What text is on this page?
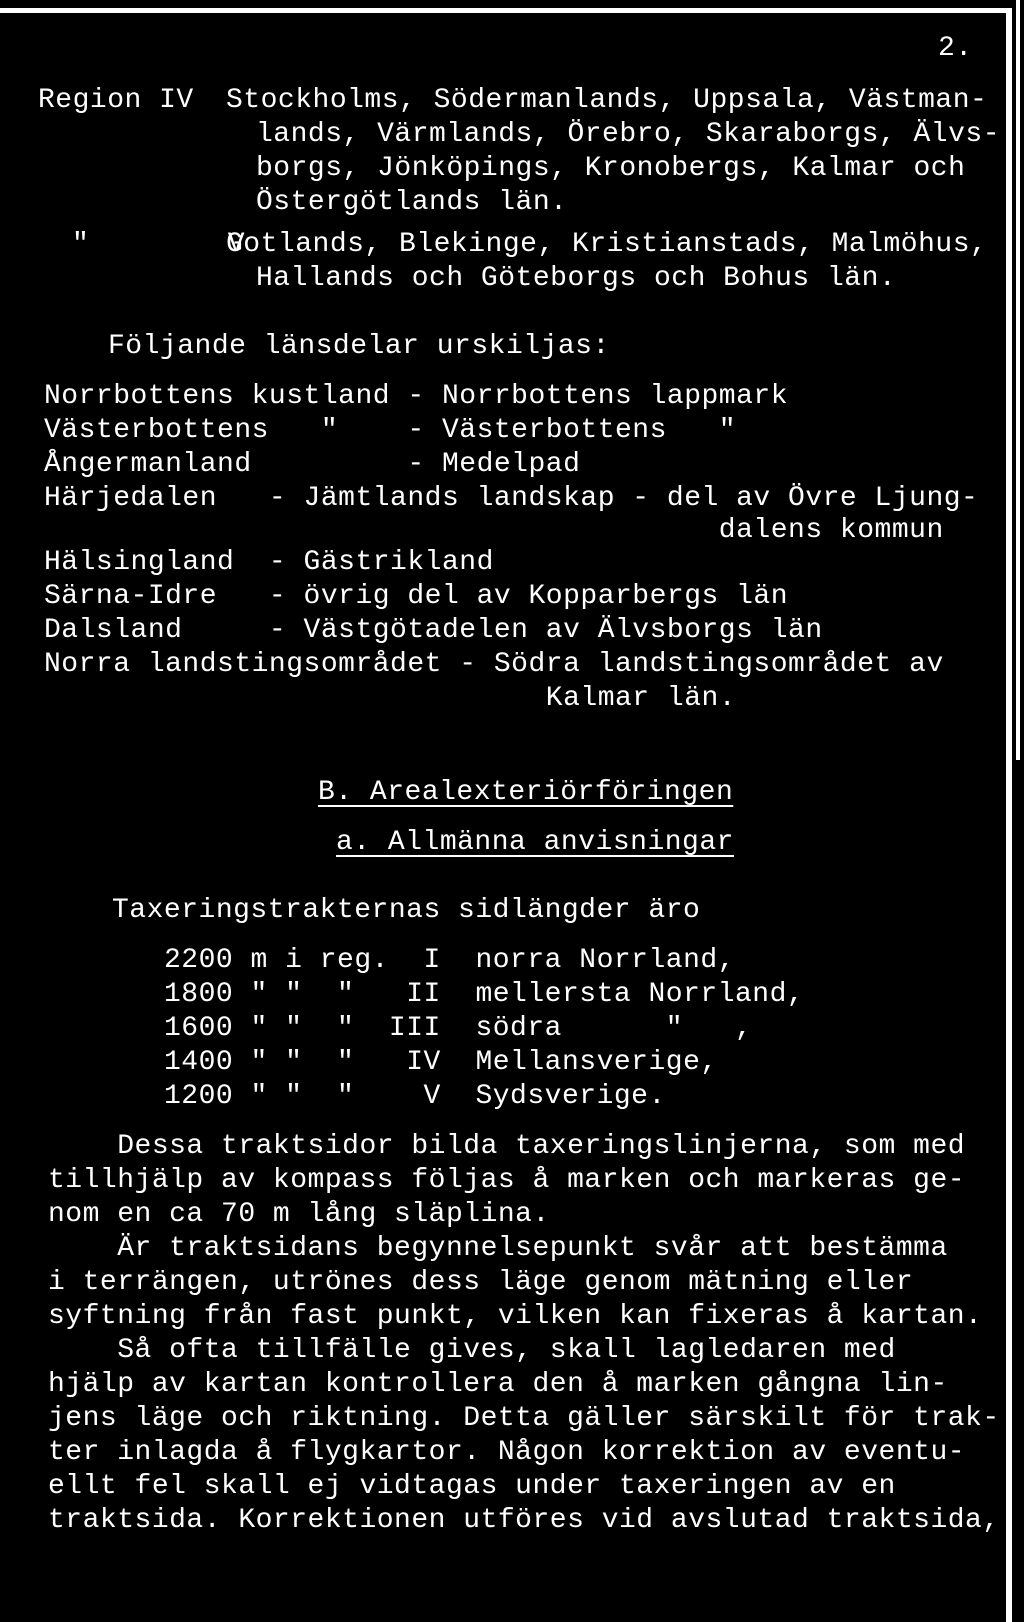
2.
Region IV Stockholms, Södermanlands, Uppsala, Västman-
lands, Värmlands, Örebro, Skaraborgs, Älvs-
borgs, Jönköpings, Kronobergs, Kalmar och
Östergötlands län.
"        V
Gotlands, Blekinge, Kristianstads, Malmöhus,
Hallands och Göteborgs och Bohus län.
Följande länsdelar urskiljas:
Norrbottens kustland - Norrbottens lappmark
Västerbottens   "    - Västerbottens   "
Ångermanland         - Medelpad
Härjedalen   - Jämtlands landskap - del av Övre Ljung-
dalens kommun
Hälsingland  - Gästrikland
Särna-Idre   - övrig del av Kopparbergs län
Dalsland     - Västgötadelen av Älvsborgs län
Norra landstingsområdet - Södra landstingsområdet av
Kalmar län.
B. Arealexteriörföringen
a. Allmänna anvisningar
Taxeringstrakternas sidlängder äro
2200 m i reg.  I  norra Norrland,
1800 " "  "   II  mellersta Norrland,
1600 " "  "  III  södra      "   ,
1400 " "  "   IV  Mellansverige,
1200 " "  "    V  Sydsverige.
Dessa traktsidor bilda taxeringslinjerna, som med
tillhjälp av kompass följas å marken och markeras ge-
nom en ca 70 m lång släplina.
Är traktsidans begynnelsepunkt svår att bestämma
i terrängen, utrönes dess läge genom mätning eller
syftning från fast punkt, vilken kan fixeras å kartan.
Så ofta tillfälle gives, skall lagledaren med
hjälp av kartan kontrollera den å marken gångna lin-
jens läge och riktning. Detta gäller särskilt för trak-
ter inlagda å flygkartor. Någon korrektion av eventu-
ellt fel skall ej vidtagas under taxeringen av en
traktsida. Korrektionen utföres vid avslutad traktsida,
